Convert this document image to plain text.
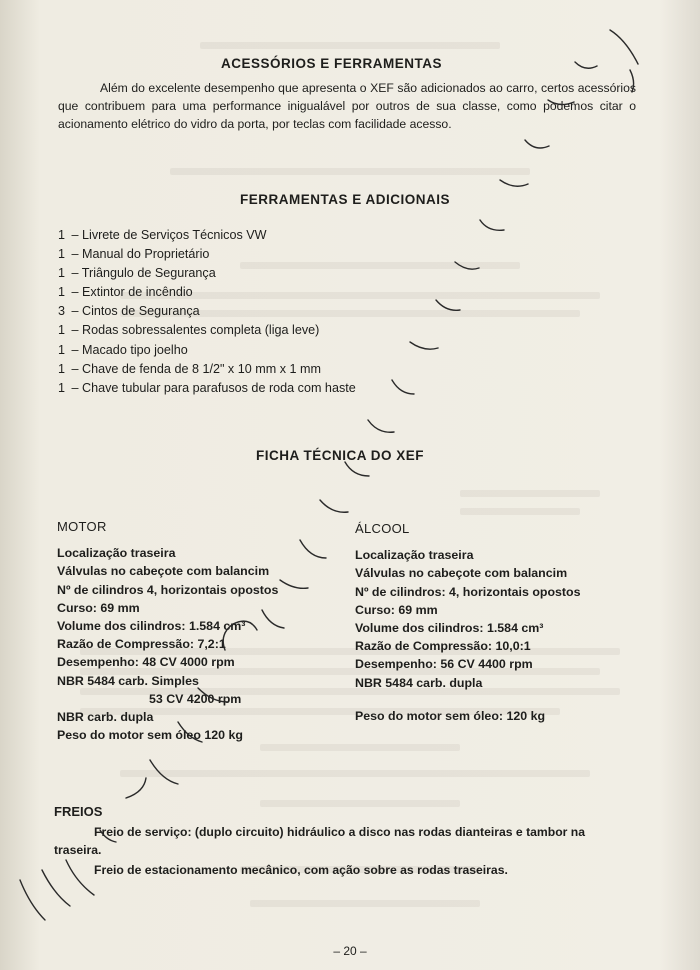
ACESSÓRIOS E FERRAMENTAS
Além do excelente desempenho que apresenta o XEF são adicionados ao carro, certos acessórios que contribuem para uma performance inigualável por outros de sua classe, como podemos citar o acionamento elétrico do vidro da porta, por teclas com facilidade acesso.
FERRAMENTAS E ADICIONAIS
1 – Livrete de Serviços Técnicos VW
1 – Manual do Proprietário
1 – Triângulo de Segurança
1 – Extintor de incêndio
3 – Cintos de Segurança
1 – Rodas sobressalentes completa (liga leve)
1 – Macado tipo joelho
1 – Chave de fenda de 8 1/2" x 10 mm x 1 mm
1 – Chave tubular para parafusos de roda com haste
FICHA TÉCNICA DO XEF
MOTOR
Localização traseira
Válvulas no cabeçote com balancim
Nº de cilindros 4, horizontais opostos
Curso: 69 mm
Volume dos cilindros: 1.584 cm³
Razão de Compressão: 7,2:1
Desempenho: 48 CV 4000 rpm
NBR 5484 carb. Simples
53 CV 4200 rpm
NBR carb. dupla
Peso do motor sem óleo 120 kg
ÁLCOOL
Localização traseira
Válvulas no cabeçote com balancim
Nº de cilindros: 4, horizontais opostos
Curso: 69 mm
Volume dos cilindros: 1.584 cm³
Razão de Compressão: 10,0:1
Desempenho: 56 CV 4400 rpm
NBR 5484 carb. dupla
Peso do motor sem óleo: 120 kg
FREIOS

Freio de serviço: (duplo circuito) hidráulico a disco nas rodas dianteiras e tambor na traseira.

Freio de estacionamento mecânico, com ação sobre as rodas traseiras.

– 20 –
